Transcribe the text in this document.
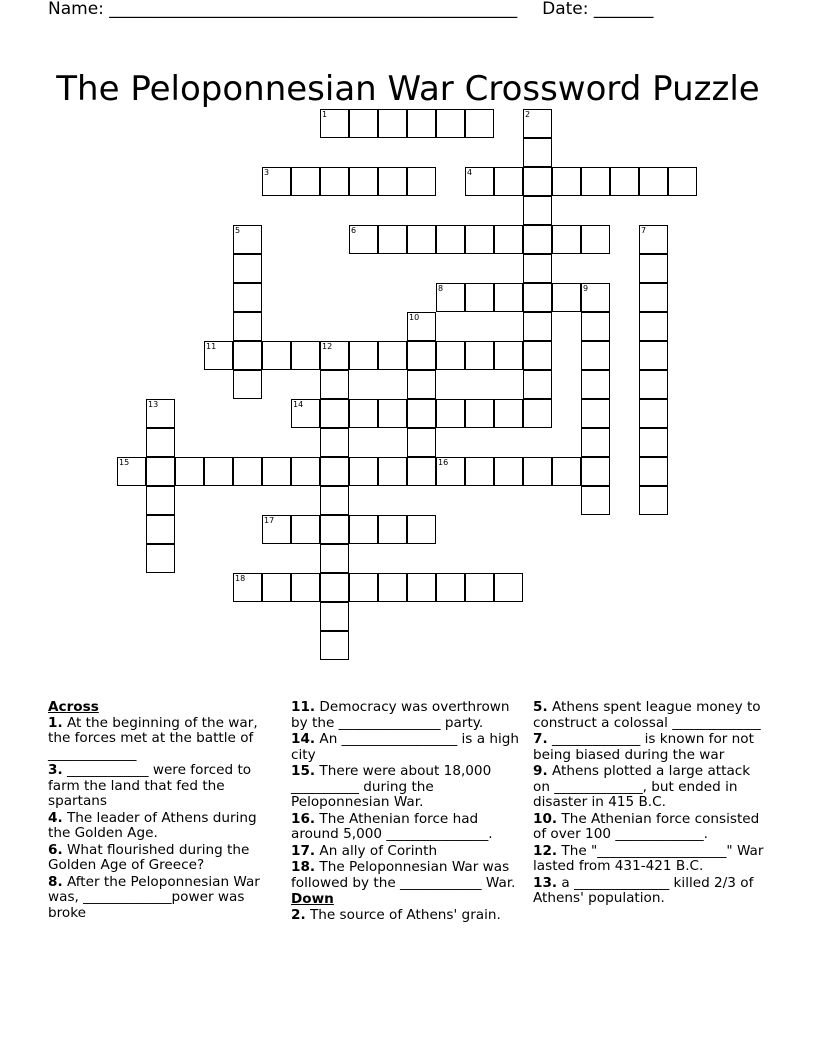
Name: ________________________________________________ Date: _______
The Peloponnesian War Crossword Puzzle
1	2
3	4
5	6	7
8	9
10
11	12
13	14
15	16
17
18
Across
1. At the beginning of the war, the forces met at the battle of _____________
3. ____________ were forced to farm the land that fed the spartans
4. The leader of Athens during the Golden Age.
6. What flourished during the Golden Age of Greece?
8. After the Peloponnesian War was, _____________power was broke
11. Democracy was overthrown by the _______________ party.
14. An _________________ is a high city
15. There were about 18,000 __________ during the Peloponnesian War.
16. The Athenian force had around 5,000 _______________.
17. An ally of Corinth
18. The Peloponnesian War was followed by the ____________ War.
Down
2. The source of Athens' grain.
5. Athens spent league money to construct a colossal _____________
7. _____________ is known for not being biased during the war
9. Athens plotted a large attack on _____________, but ended in disaster in 415 B.C.
10. The Athenian force consisted of over 100 _____________.
12. The "___________________" War lasted from 431-421 B.C.
13. a ______________ killed 2/3 of Athens' population.
